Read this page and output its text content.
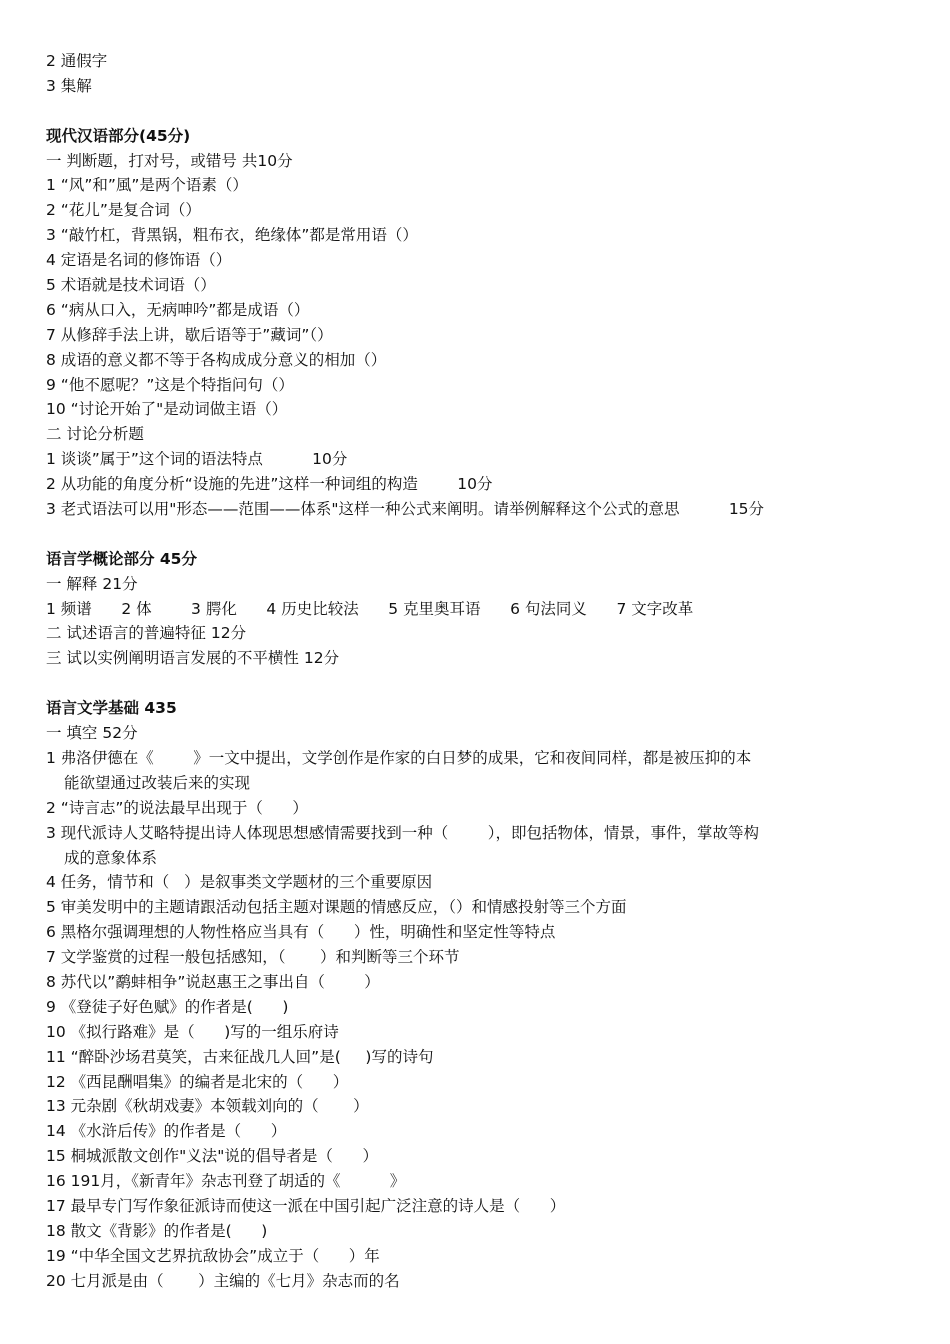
2 通假字
3 集解
现代汉语部分(45分)
一 判断题，打对号，或错号 共10分
1 “风”和”風”是两个语素（）
2 “花儿”是复合词（）
3 “敲竹杠，背黑锅，粗布衣，绝缘体”都是常用语（）
4 定语是名词的修饰语（）
5 术语就是技术词语（）
6 “病从口入，无病呻吟”都是成语（）
7 从修辞手法上讲，歇后语等于”藏词”（）
8 成语的意义都不等于各构成成分意义的相加（）
9 “他不愿呢？”这是个特指问句（）
10 “讨论开始了"是动词做主语（）
二 讨论分析题
1 谈谈”属于”这个词的语法特点          10分
2 从功能的角度分析“设施的先进”这样一种词组的构造        10分
3 老式语法可以用"形态——范围——体系"这样一种公式来阐明。请举例解释这个公式的意思          15分
语言学概论部分 45分
一 解释 21分
1 频谱      2 体        3 腭化      4 历史比较法      5 克里奥耳语      6 句法同义      7 文字改革
二 试述语言的普遍特征 12分
三 试以实例阐明语言发展的不平横性 12分
语言文学基础 435
一 填空 52分
1 弗洛伊德在《        》一文中提出，文学创作是作家的白日梦的成果，它和夜间同样，都是被压抑的本
能欲望通过改装后来的实现
2 “诗言志”的说法最早出现于（      ）
3 现代派诗人艾略特提出诗人体现思想感情需要找到一种（        ），即包括物体，情景，事件，掌故等构
成的意象体系
4 任务，情节和（   ）是叙事类文学题材的三个重要原因
5 审美发明中的主题请跟活动包括主题对课题的情感反应，（）和情感投射等三个方面
6 黑格尔强调理想的人物性格应当具有（      ）性，明确性和坚定性等特点
7 文学鉴赏的过程一般包括感知，（       ）和判断等三个环节
8 苏代以”鹬蚌相争”说赵惠王之事出自（        ）
9 《登徒子好色赋》的作者是(      )
10 《拟行路难》是（      )写的一组乐府诗
11 “醉卧沙场君莫笑，古来征战几人回”是(     )写的诗句
12 《西昆酬唱集》的编者是北宋的（      ）
13 元杂剧《秋胡戏妻》本领载刘向的（       ）
14 《水浒后传》的作者是（      ）
15 桐城派散文创作"义法"说的倡导者是（      ）
16 191月，《新青年》杂志刊登了胡适的《          》
17 最早专门写作象征派诗而使这一派在中国引起广泛注意的诗人是（      ）
18 散文《背影》的作者是(      )
19 “中华全国文艺界抗敌协会”成立于（      ）年
20 七月派是由（       ）主编的《七月》杂志而的名
